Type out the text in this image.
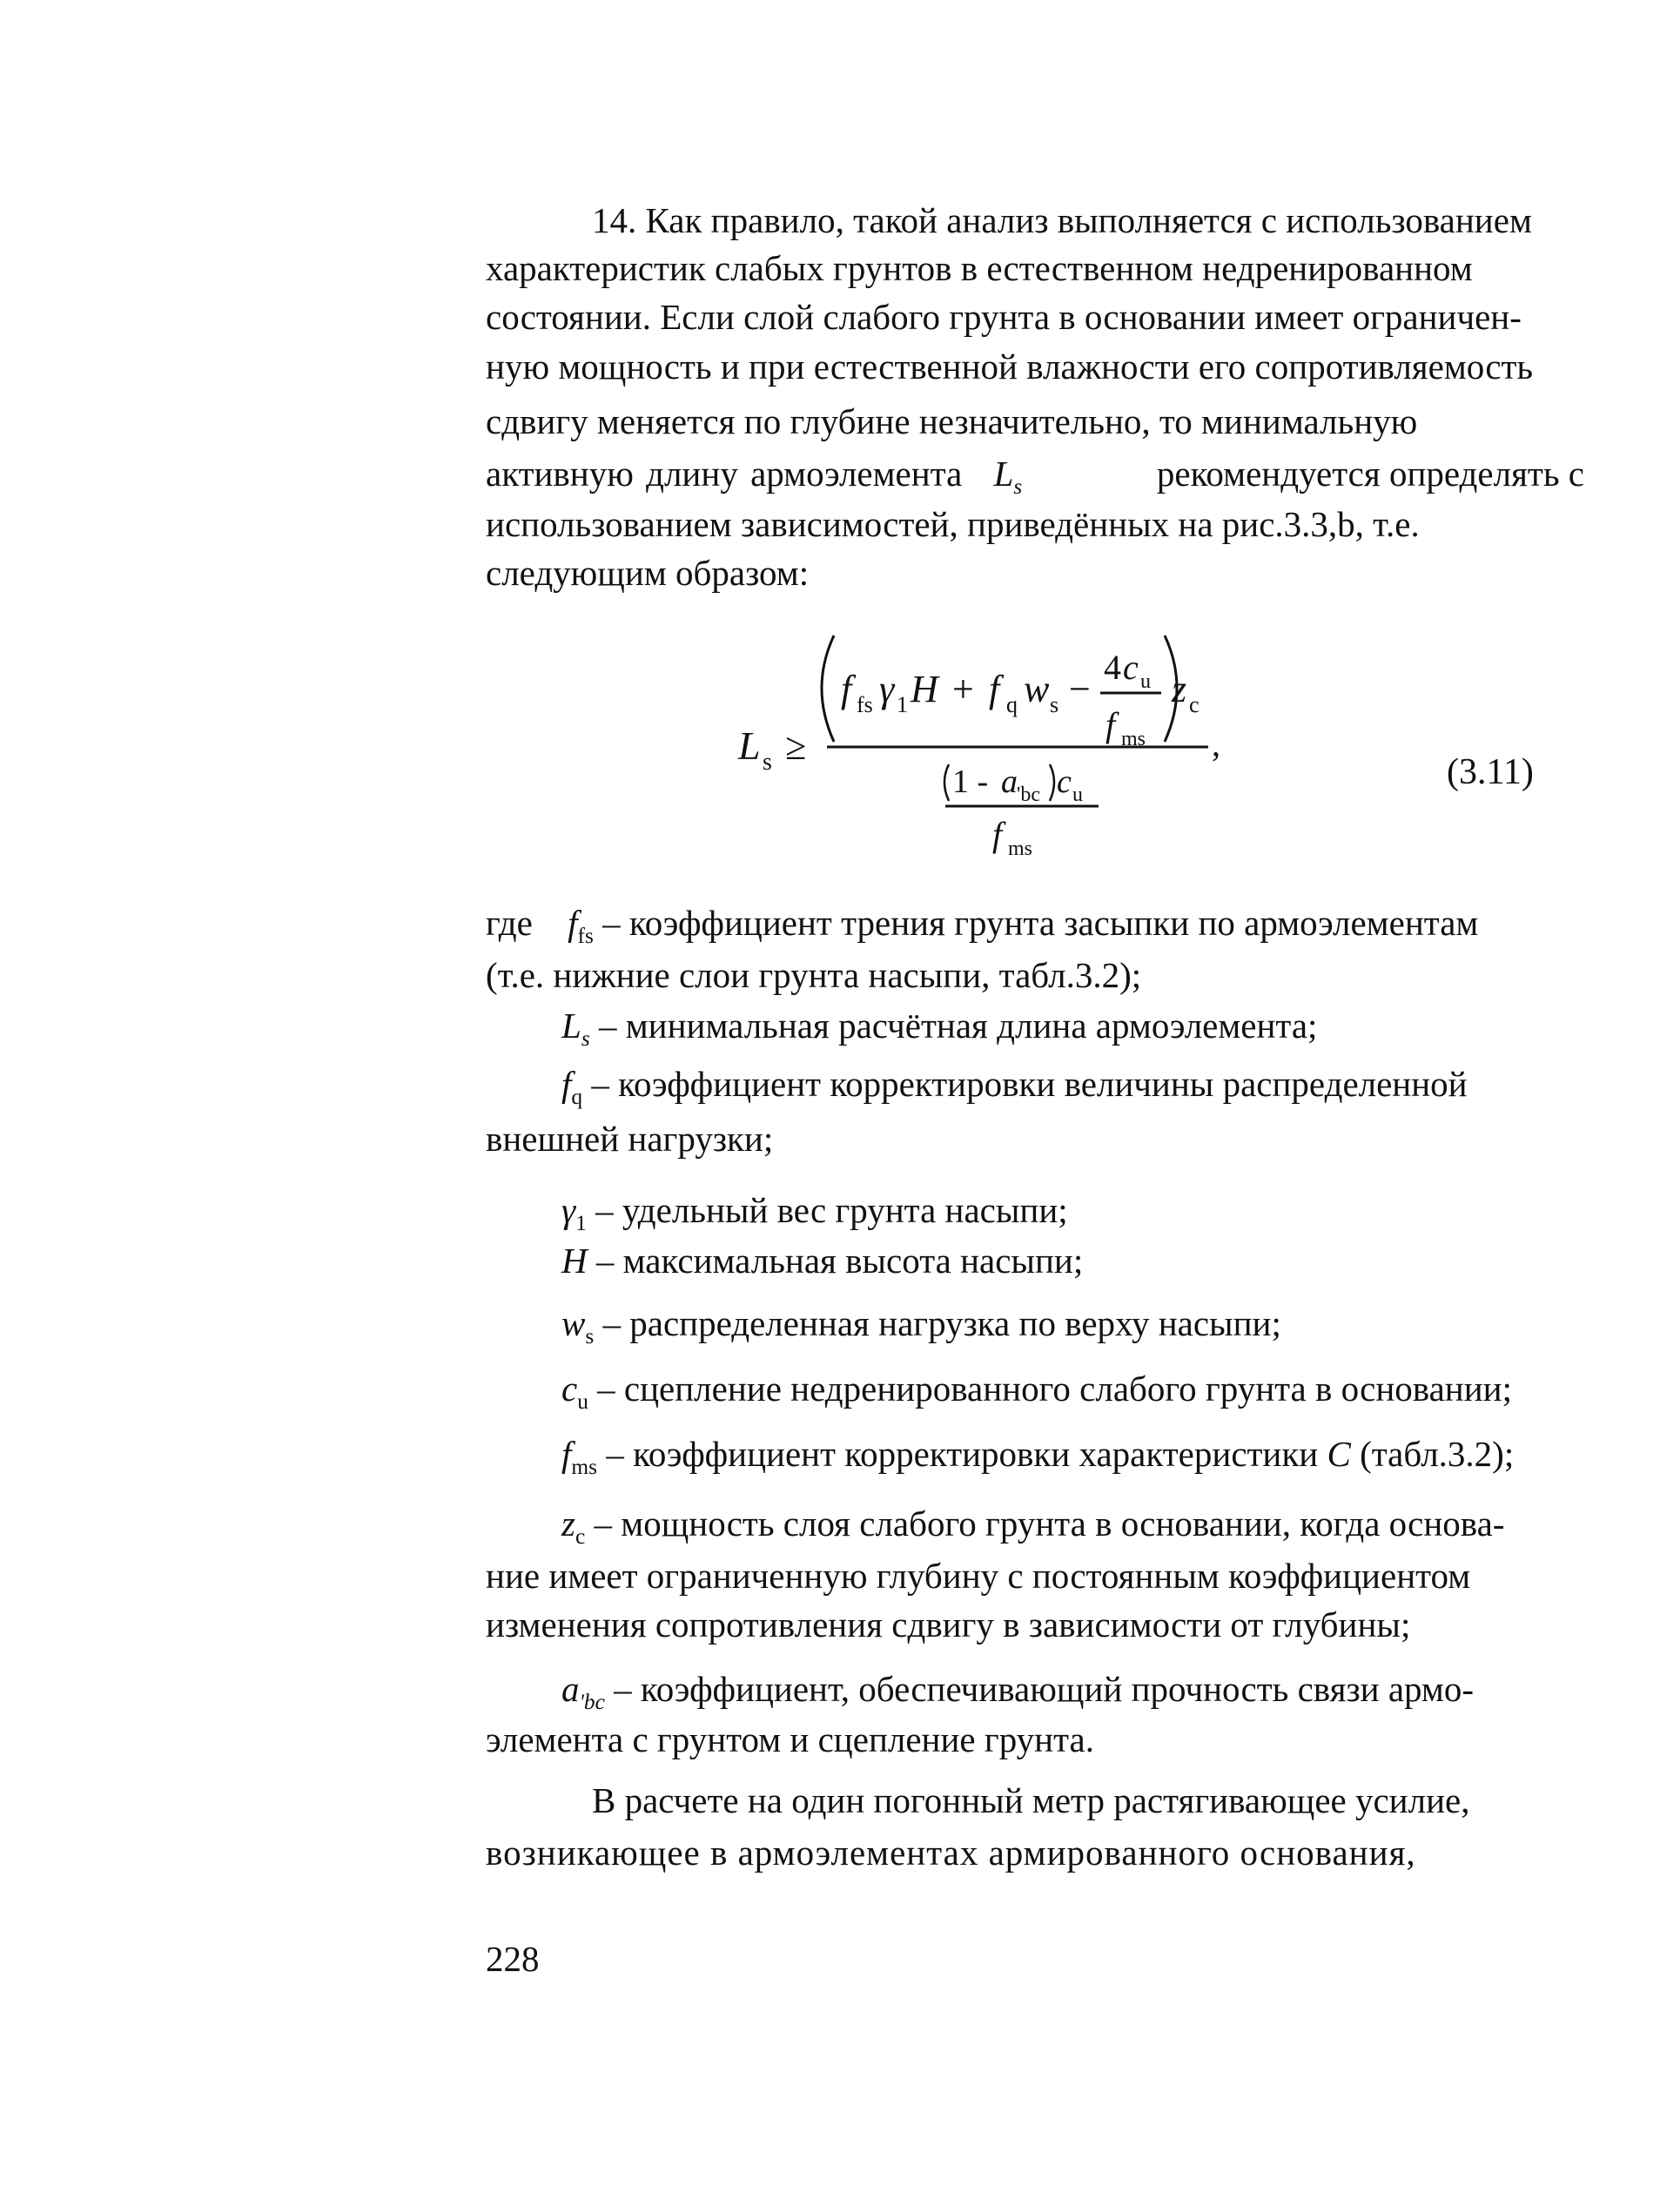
14. Как правило, такой анализ выполняется с использованием
характеристик слабых грунтов в естественном недренированном
состоянии. Если слой слабого грунта в основании имеет ограничен-
ную мощность и при естественной влажности его сопротивляемость
сдвигу меняется по глубине незначительно, то минимальную
активную длину армоэлемента $L_s$	рекомендуется определять с
использованием зависимостей, приведённых на рис.3.3,b, т.е.
следующим образом:
L s ≥
f fs γ 1 H + f q w s −
4 c u
f ms
z c
,
1 - a 'bc c u
f ms
(3.11)
где $f_{fs}$ – коэффициент трения грунта засыпки по армоэлементам
(т.е. нижние слои грунта насыпи, табл.3.2);
$L_s$ – минимальная расчётная длина армоэлемента;
$f_q$ – коэффициент корректировки величины распределенной
внешней нагрузки;
$\gamma_1$ – удельный вес грунта насыпи;
H – максимальная высота насыпи;
$w_s$ – распределенная нагрузка по верху насыпи;
$c_u$ – сцепление недренированного слабого грунта в основании;
$f_{ms}$ – коэффициент корректировки характеристики C (табл.3.2);
$z_c$ – мощность слоя слабого грунта в основании, когда основа-
ние имеет ограниченную глубину с постоянным коэффициентом
изменения сопротивления сдвигу в зависимости от глубины;
$a_{'bc}$ – коэффициент, обеспечивающий прочность связи армо-
элемента с грунтом и сцепление грунта.
В расчете на один погонный метр растягивающее усилие,
возникающее в армоэлементах армированного основания,
228
